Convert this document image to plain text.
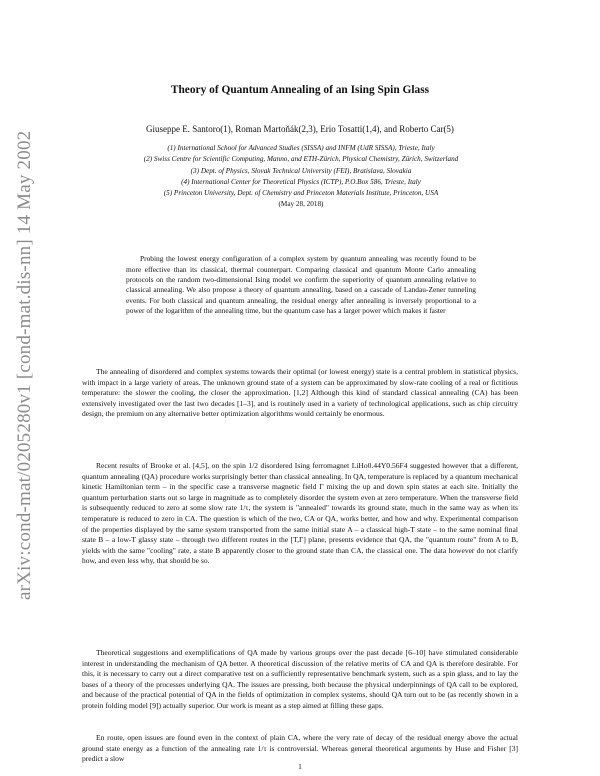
arXiv:cond-mat/0205280v1 [cond-mat.dis-nn] 14 May 2002
Theory of Quantum Annealing of an Ising Spin Glass
Giuseppe E. Santoro(1), Roman Martoňák(2,3), Erio Tosatti(1,4), and Roberto Car(5)
(1) International School for Advanced Studies (SISSA) and INFM (UdR SISSA), Trieste, Italy
(2) Swiss Centre for Scientific Computing, Manno, and ETH-Zürich, Physical Chemistry, Zürich, Switzerland
(3) Dept. of Physics, Slovak Technical University (FEI), Bratislava, Slovakia
(4) International Center for Theoretical Physics (ICTP), P.O.Box 586, Trieste, Italy
(5) Princeton University, Dept. of Chemistry and Princeton Materials Institute, Princeton, USA
(May 28, 2018)

Probing the lowest energy configuration of a complex system by quantum annealing was recently found to be more effective than its classical, thermal counterpart. Comparing classical and quantum Monte Carlo annealing protocols on the random two-dimensional Ising model we confirm the superiority of quantum annealing relative to classical annealing. We also propose a theory of quantum annealing, based on a cascade of Landau-Zener tunneling events. For both classical and quantum annealing, the residual energy after annealing is inversely proportional to a power of the logarithm of the annealing time, but the quantum case has a larger power which makes it faster

The annealing of disordered and complex systems towards their optimal (or lowest energy) state is a central problem in statistical physics, with impact in a large variety of areas. The unknown ground state of a system can be approximated by slow-rate cooling of a real or fictitious temperature: the slower the cooling, the closer the approximation. [1,2] Although this kind of standard classical annealing (CA) has been extensively investigated over the last two decades [1–3], and is routinely used in a variety of technological applications, such as chip circuitry design, the premium on any alternative better optimization algorithms would certainly be enormous.

Recent results of Brooke et al. [4,5], on the spin 1/2 disordered Ising ferromagnet LiHo0.44Y0.56F4 suggested however that a different, quantum annealing (QA) procedure works surprisingly better than classical annealing. In QA, temperature is replaced by a quantum mechanical kinetic Hamiltonian term – in the specific case a transverse magnetic field Γ mixing the up and down spin states at each site. Initially the quantum perturbation starts out so large in magnitude as to completely disorder the system even at zero temperature. When the transverse field is subsequently reduced to zero at some slow rate 1/τ, the system is "annealed" towards its ground state, much in the same way as when its temperature is reduced to zero in CA. The question is which of the two, CA or QA, works better, and how and why. Experimental comparison of the properties displayed by the same system transported from the same initial state A – a classical high-T state – to the same nominal final state B – a low-T glassy state – through two different routes in the [T,Γ] plane, presents evidence that QA, the "quantum route" from A to B, yields with the same "cooling" rate, a state B apparently closer to the ground state than CA, the classical one. The data however do not clarify how, and even less why, that should be so.

Theoretical suggestions and exemplifications of QA made by various groups over the past decade [6–10] have stimulated considerable interest in understanding the mechanism of QA better. A theoretical discussion of the relative merits of CA and QA is therefore desirable. For this, it is necessary to carry out a direct comparative test on a sufficiently representative benchmark system, such as a spin glass, and to lay the bases of a theory of the processes underlying QA. The issues are pressing, both because the physical underpinnings of QA call to be explored, and because of the practical potential of QA in the fields of optimization in complex systems, should QA turn out to be (as recently shown in a protein folding model [9]) actually superior. Our work is meant as a step aimed at filling these gaps.

En route, open issues are found even in the context of plain CA, where the very rate of decay of the residual energy above the actual ground state energy as a function of the annealing rate 1/τ is controversial. Whereas general theoretical arguments by Huse and Fisher [3] predict a slow

1
